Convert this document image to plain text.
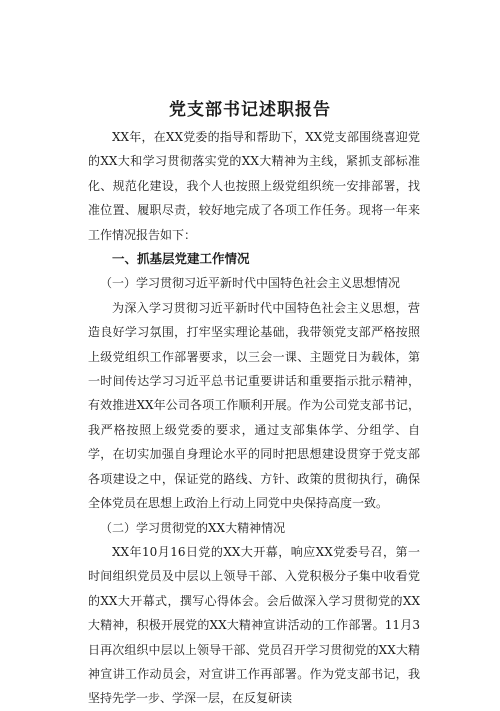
党支部书记述职报告

XX年，在XX党委的指导和帮助下，XX党支部围绕喜迎党的XX大和学习贯彻落实党的XX大精神为主线，紧抓支部标准化、规范化建设，我个人也按照上级党组织统一安排部署，找准位置、履职尽责，较好地完成了各项工作任务。现将一年来工作情况报告如下：

一、抓基层党建工作情况

（一）学习贯彻习近平新时代中国特色社会主义思想情况

为深入学习贯彻习近平新时代中国特色社会主义思想，营造良好学习氛围，打牢坚实理论基础，我带领党支部严格按照上级党组织工作部署要求，以三会一课、主题党日为载体，第一时间传达学习习近平总书记重要讲话和重要指示批示精神，有效推进XX年公司各项工作顺利开展。作为公司党支部书记，我严格按照上级党委的要求，通过支部集体学、分组学、自学，在切实加强自身理论水平的同时把思想建设贯穿于党支部各项建设之中，保证党的路线、方针、政策的贯彻执行，确保全体党员在思想上政治上行动上同党中央保持高度一致。

（二）学习贯彻党的XX大精神情况

XX年10月16日党的XX大开幕，响应XX党委号召，第一时间组织党员及中层以上领导干部、入党积极分子集中收看党的XX大开幕式，撰写心得体会。会后做深入学习贯彻党的XX大精神，积极开展党的XX大精神宣讲活动的工作部署。11月3日再次组织中层以上领导干部、党员召开学习贯彻党的XX大精神宣讲工作动员会，对宣讲工作再部署。作为党支部书记，我坚持先学一步、学深一层，在反复研读
